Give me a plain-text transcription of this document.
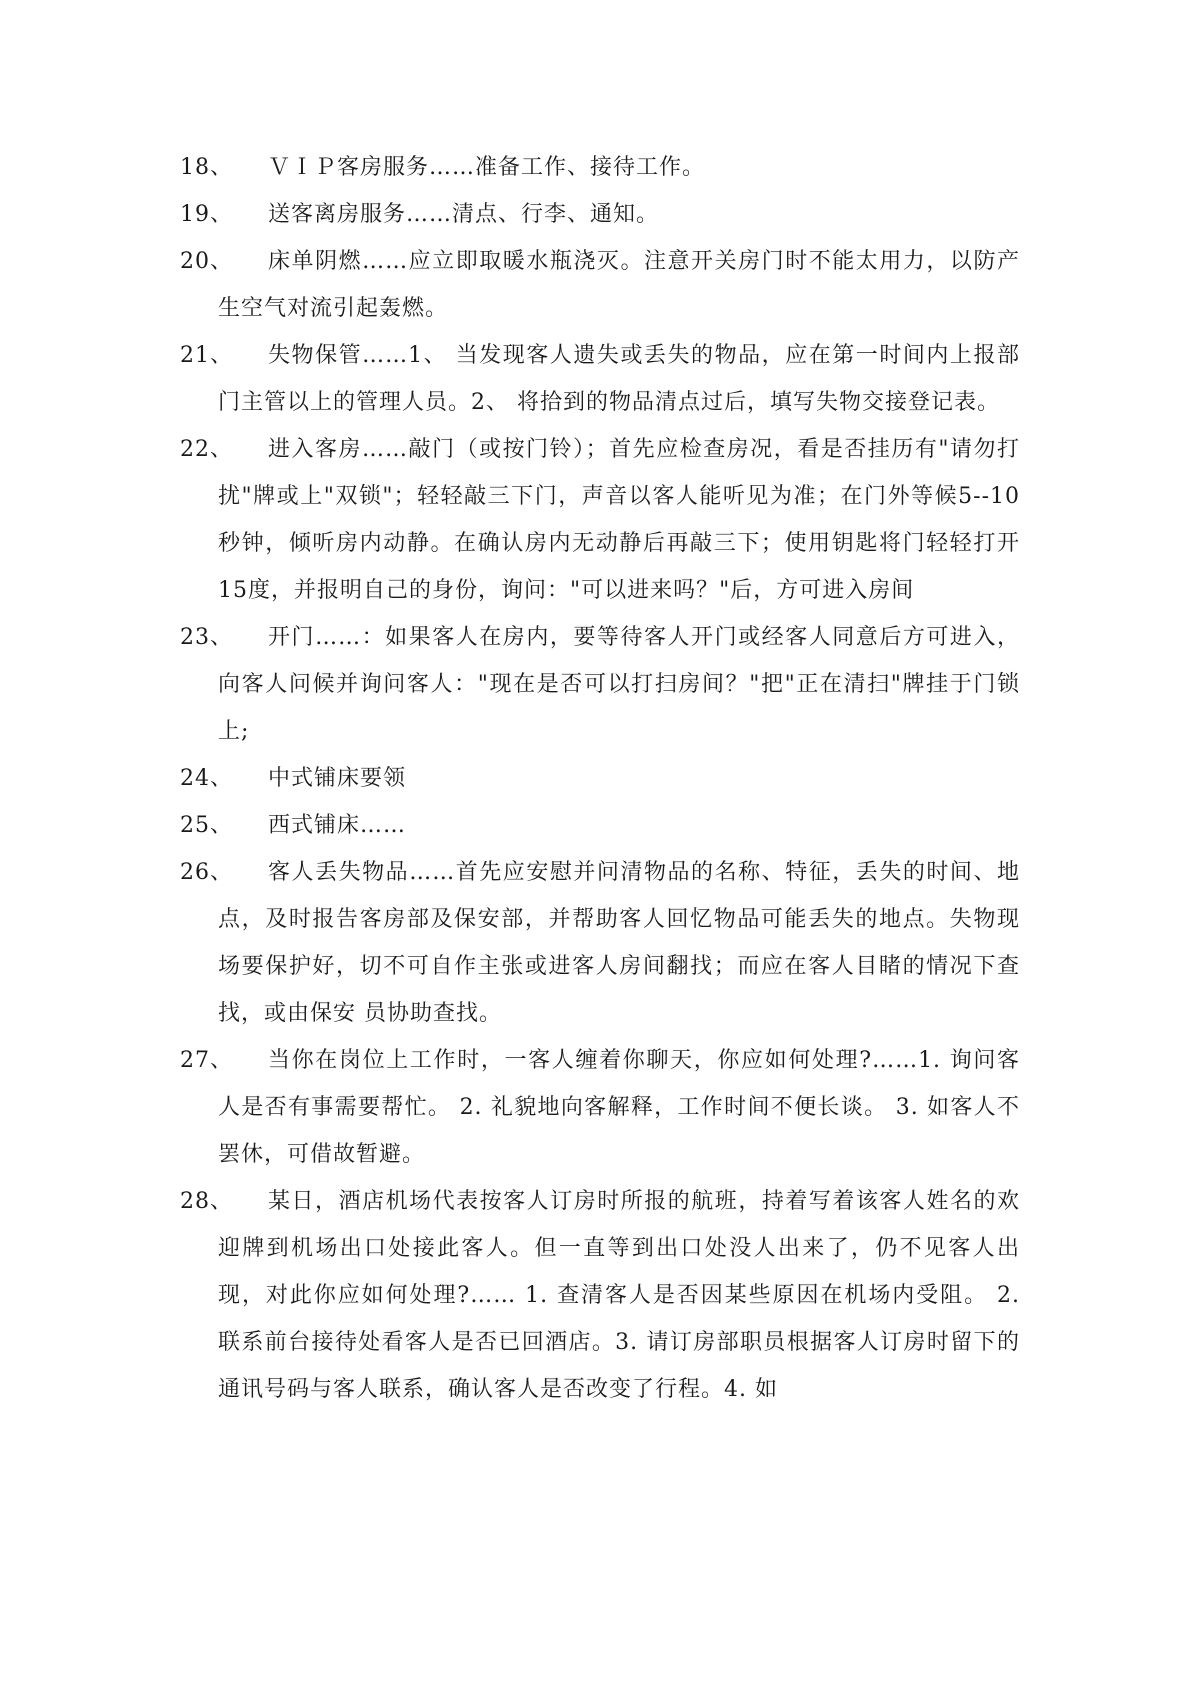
18、	ＶＩＰ客房服务……准备工作、接待工作。
19、	送客离房服务……清点、行李、通知。
20、	床单阴燃……应立即取暖水瓶浇灭。注意开关房门时不能太用力，以防产生空气对流引起轰燃。
21、	失物保管……1、 当发现客人遗失或丢失的物品，应在第一时间内上报部门主管以上的管理人员。2、 将拾到的物品清点过后，填写失物交接登记表。
22、	进入客房……敲门（或按门铃）；首先应检查房况，看是否挂历有"请勿打扰"牌或上"双锁"；轻轻敲三下门，声音以客人能听见为准；在门外等候5--10 秒钟，倾听房内动静。在确认房内无动静后再敲三下；使用钥匙将门轻轻打开 15度，并报明自己的身份，询问："可以进来吗？"后，方可进入房间
23、	开门……：如果客人在房内，要等待客人开门或经客人同意后方可进入，向客人问候并询问客人："现在是否可以打扫房间？"把"正在清扫"牌挂于门锁上;
24、	中式铺床要领
25、	西式铺床……
26、	客人丢失物品……首先应安慰并问清物品的名称、特征，丢失的时间、地点，及时报告客房部及保安部，并帮助客人回忆物品可能丢失的地点。失物现场要保护好，切不可自作主张或进客人房间翻找；而应在客人目睹的情况下查找，或由保安 员协助查找。
27、	当你在岗位上工作时，一客人缠着你聊天，你应如何处理?……1. 询问客人是否有事需要帮忙。 2. 礼貌地向客解释，工作时间不便长谈。 3. 如客人不罢休，可借故暂避。
28、	某日，酒店机场代表按客人订房时所报的航班，持着写着该客人姓名的欢迎牌到机场出口处接此客人。但一直等到出口处没人出来了，仍不见客人出现，对此你应如何处理?…… 1. 查清客人是否因某些原因在机场内受阻。 2. 联系前台接待处看客人是否已回酒店。3. 请订房部职员根据客人订房时留下的通讯号码与客人联系，确认客人是否改变了行程。4. 如
